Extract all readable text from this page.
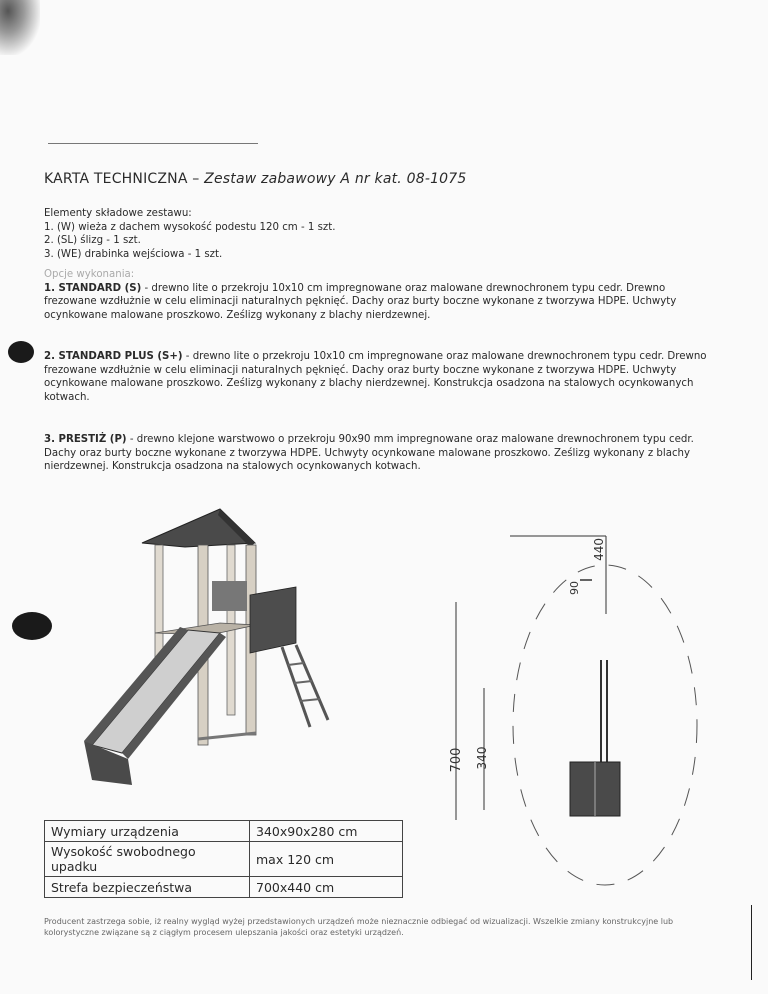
KARTA TECHNICZNA – Zestaw zabawowy A nr kat. 08-1075
Elementy składowe zestawu:
1. (W) wieża z dachem wysokość podestu 120 cm - 1 szt.
2. (SL) ślizg - 1 szt.
3. (WE) drabinka wejściowa - 1 szt.
Opcje wykonania:
1. STANDARD (S) - drewno lite o przekroju 10x10 cm impregnowane oraz malowane drewnochronem typu cedr. Drewno frezowane wzdłużnie w celu eliminacji naturalnych pęknięć. Dachy oraz burty boczne wykonane z tworzywa HDPE. Uchwyty ocynkowane malowane proszkowo. Ześlizg wykonany z blachy nierdzewnej.
2. STANDARD PLUS (S+) - drewno lite o przekroju 10x10 cm impregnowane oraz malowane drewnochronem typu cedr. Drewno frezowane wzdłużnie w celu eliminacji naturalnych pęknięć. Dachy oraz burty boczne wykonane z tworzywa HDPE. Uchwyty ocynkowane malowane proszkowo. Ześlizg wykonany z blachy nierdzewnej. Konstrukcja osadzona na stalowych ocynkowanych kotwach.
3. PRESTIŻ (P) - drewno klejone warstwowo o przekroju 90x90 mm impregnowane oraz malowane drewnochronem typu cedr. Dachy oraz burty boczne wykonane z tworzywa HDPE. Uchwyty ocynkowane malowane proszkowo. Ześlizg wykonany z blachy nierdzewnej. Konstrukcja osadzona na stalowych ocynkowanych kotwach.
440
90
700 340
Wymiary urządzenia	340x90x280 cm
Wysokość swobodnego upadku	max 120 cm
Strefa bezpieczeństwa	700x440 cm
Producent zastrzega sobie, iż realny wygląd wyżej przedstawionych urządzeń może nieznacznie odbiegać od wizualizacji. Wszelkie zmiany konstrukcyjne lub kolorystyczne związane są z ciągłym procesem ulepszania jakości oraz estetyki urządzeń.
